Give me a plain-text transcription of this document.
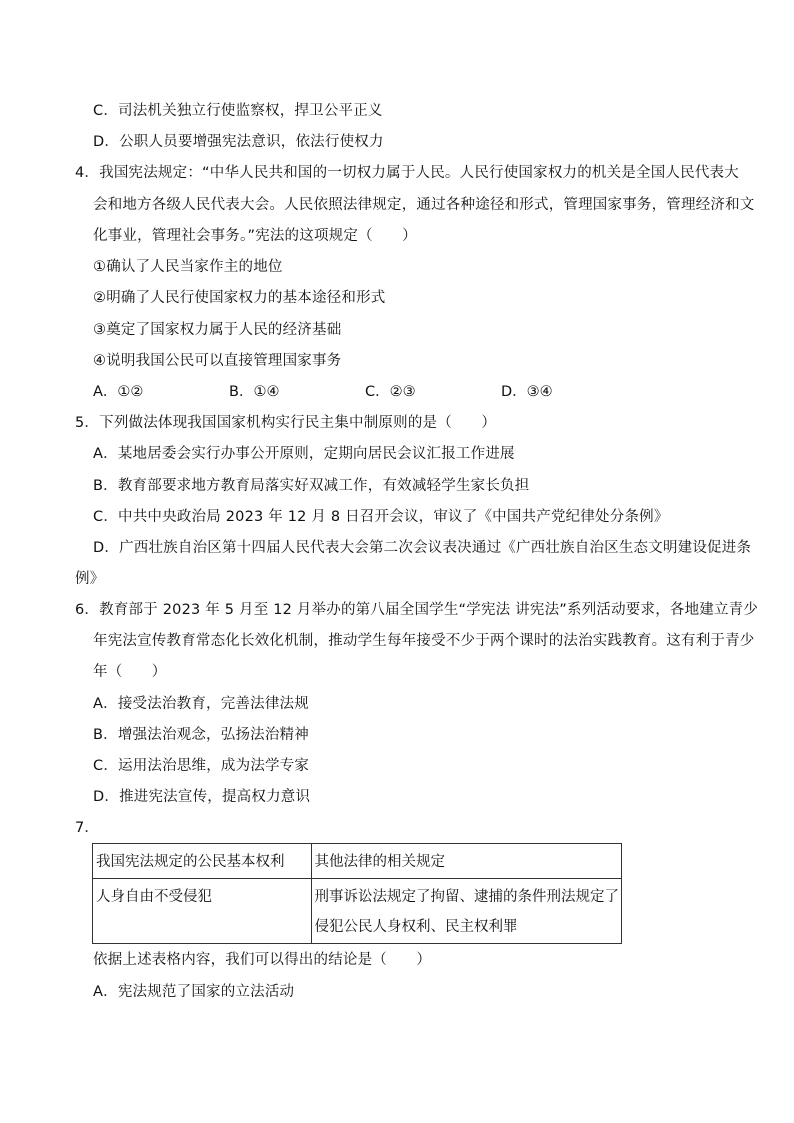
C．司法机关独立行使监察权，捍卫公平正义
D．公职人员要增强宪法意识，依法行使权力
4．我国宪法规定：“中华人民共和国的一切权力属于人民。人民行使国家权力的机关是全国人民代表大
会和地方各级人民代表大会。人民依照法律规定，通过各种途径和形式，管理国家事务，管理经济和文
化事业，管理社会事务。”宪法的这项规定（　　）
①确认了人民当家作主的地位
②明确了人民行使国家权力的基本途径和形式
③奠定了国家权力属于人民的经济基础
④说明我国公民可以直接管理国家事务
A．①②	B．①④	C．②③	D．③④
5．下列做法体现我国国家机构实行民主集中制原则的是（　　）
A．某地居委会实行办事公开原则，定期向居民会议汇报工作进展
B．教育部要求地方教育局落实好双减工作，有效减轻学生家长负担
C．中共中央政治局 2023 年 12 月 8 日召开会议，审议了《中国共产党纪律处分条例》
D．广西壮族自治区第十四届人民代表大会第二次会议表决通过《广西壮族自治区生态文明建设促进条
例》
6．教育部于 2023 年 5 月至 12 月举办的第八届全国学生“学宪法 讲宪法”系列活动要求，各地建立青少
年宪法宣传教育常态化长效化机制，推动学生每年接受不少于两个课时的法治实践教育。这有利于青少
年（　　）
A．接受法治教育，完善法律法规
B．增强法治观念，弘扬法治精神
C．运用法治思维，成为法学专家
D．推进宪法宣传，提高权力意识
7．
我国宪法规定的公民基本权利	其他法律的相关规定
人身自由不受侵犯	刑事诉讼法规定了拘留、逮捕的条件刑法规定了
侵犯公民人身权利、民主权利罪
依据上述表格内容，我们可以得出的结论是（　　）
A．宪法规范了国家的立法活动
